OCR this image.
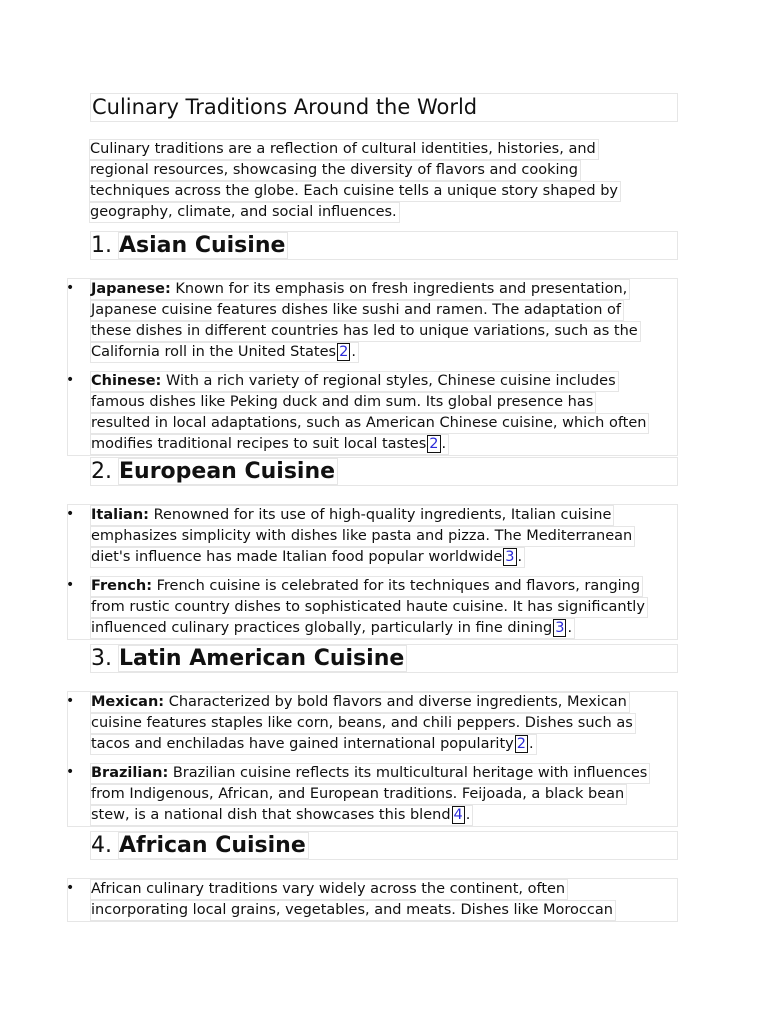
Culinary Traditions Around the World
Culinary traditions are a reflection of cultural identities, histories, and
regional resources, showcasing the diversity of flavors and cooking
techniques across the globe. Each cuisine tells a unique story shaped by
geography, climate, and social influences.
1. Asian Cuisine
• Japanese: Known for its emphasis on fresh ingredients and presentation,
Japanese cuisine features dishes like sushi and ramen. The adaptation of
these dishes in different countries has led to unique variations, such as the
California roll in the United States 2 .
• Chinese: With a rich variety of regional styles, Chinese cuisine includes
famous dishes like Peking duck and dim sum. Its global presence has
resulted in local adaptations, such as American Chinese cuisine, which often
modifies traditional recipes to suit local tastes 2 .
2. European Cuisine
• Italian: Renowned for its use of high-quality ingredients, Italian cuisine
emphasizes simplicity with dishes like pasta and pizza. The Mediterranean
diet's influence has made Italian food popular worldwide 3 .
• French: French cuisine is celebrated for its techniques and flavors, ranging
from rustic country dishes to sophisticated haute cuisine. It has significantly
influenced culinary practices globally, particularly in fine dining 3 .
3. Latin American Cuisine
• Mexican: Characterized by bold flavors and diverse ingredients, Mexican
cuisine features staples like corn, beans, and chili peppers. Dishes such as
tacos and enchiladas have gained international popularity 2 .
• Brazilian: Brazilian cuisine reflects its multicultural heritage with influences
from Indigenous, African, and European traditions. Feijoada, a black bean
stew, is a national dish that showcases this blend 4 .
4. African Cuisine
• African culinary traditions vary widely across the continent, often
incorporating local grains, vegetables, and meats. Dishes like Moroccan
